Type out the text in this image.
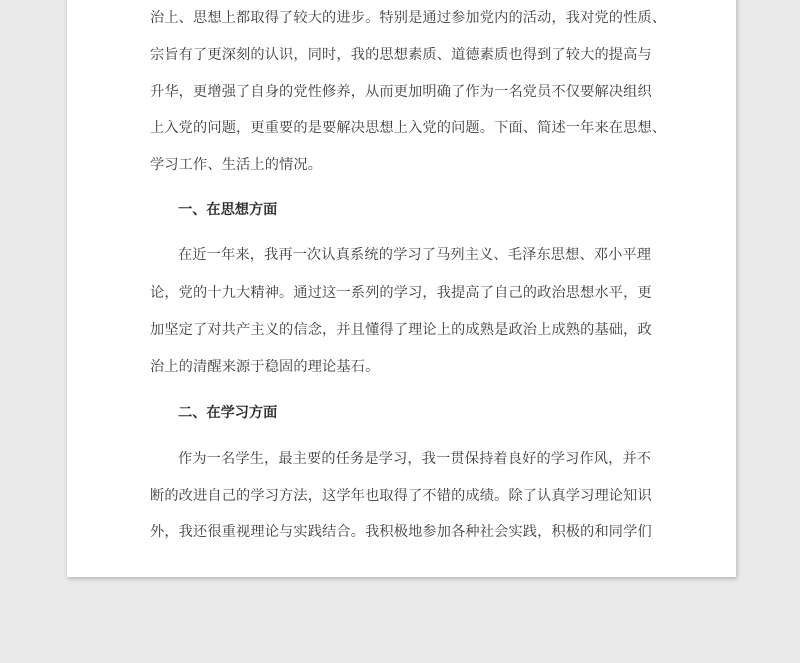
治上、思想上都取得了较大的进步。特别是通过参加党内的活动，我对党的性质、
宗旨有了更深刻的认识，同时，我的思想素质、道德素质也得到了较大的提高与
升华，更增强了自身的党性修养，从而更加明确了作为一名党员不仅要解决组织
上入党的问题，更重要的是要解决思想上入党的问题。下面、简述一年来在思想、
学习工作、生活上的情况。
一、在思想方面
在近一年来，我再一次认真系统的学习了马列主义、毛泽东思想、邓小平理
论，党的十九大精神。通过这一系列的学习，我提高了自己的政治思想水平，更
加坚定了对共产主义的信念，并且懂得了理论上的成熟是政治上成熟的基础，政
治上的清醒来源于稳固的理论基石。
二、在学习方面
作为一名学生，最主要的任务是学习，我一贯保持着良好的学习作风，并不
断的改进自己的学习方法，这学年也取得了不错的成绩。除了认真学习理论知识
外，我还很重视理论与实践结合。我积极地参加各种社会实践，积极的和同学们
